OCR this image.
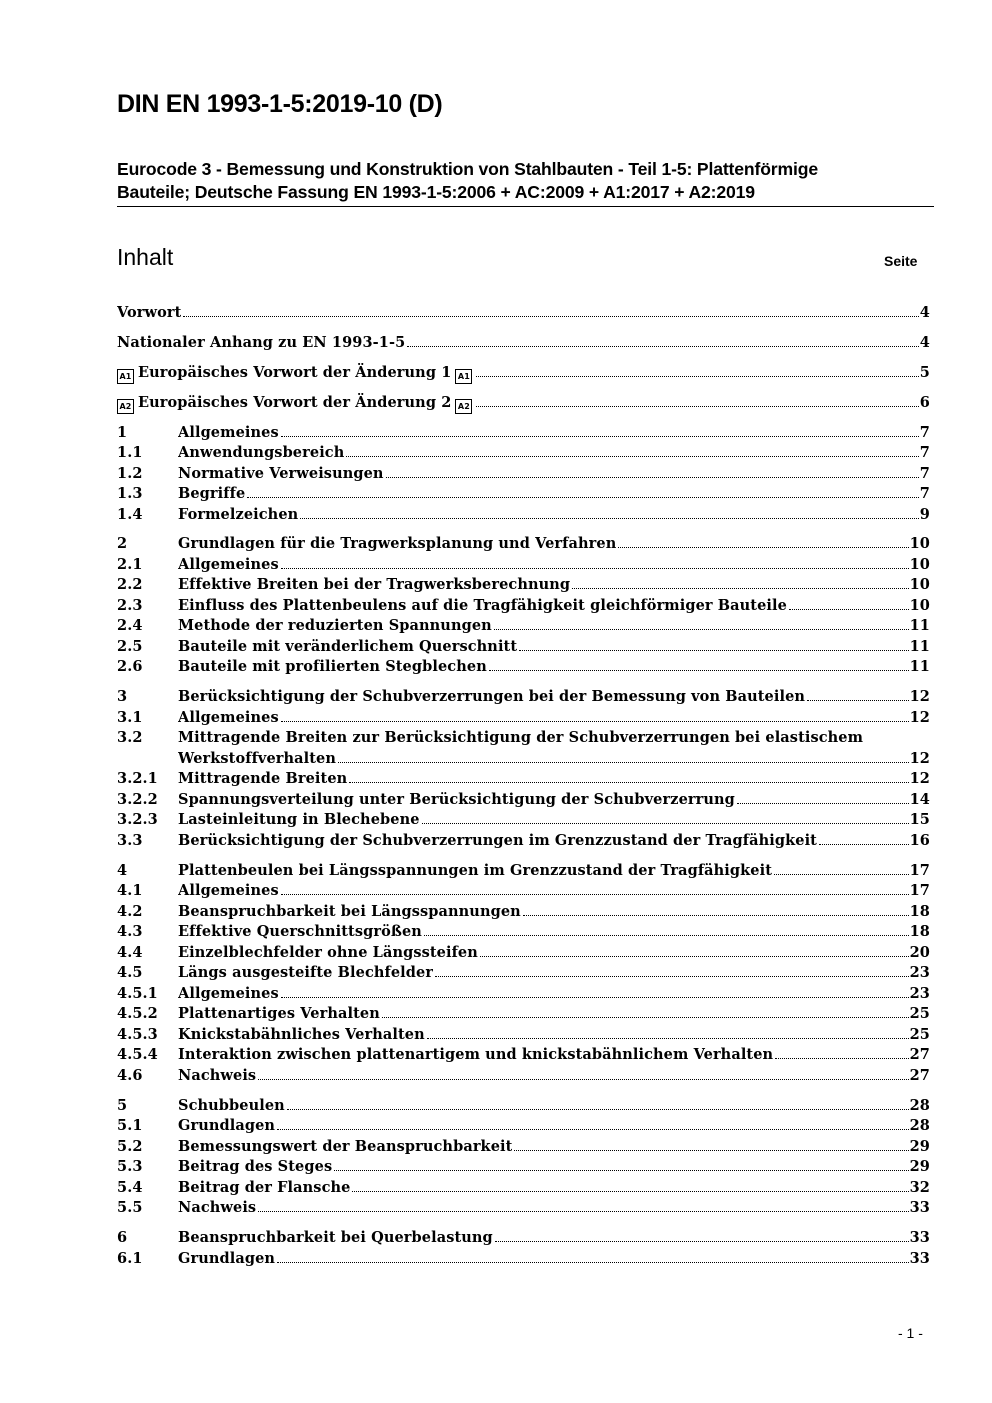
DIN EN 1993-1-5:2019-10 (D)
Eurocode 3 - Bemessung und Konstruktion von Stahlbauten - Teil 1-5: Plattenförmige
Bauteile; Deutsche Fassung EN 1993-1-5:2006 + AC:2009 + A1:2017 + A2:2019
Inhalt	Seite
Vorwort	4
Nationaler Anhang zu EN 1993-1-5	4
A1 Europäisches Vorwort der Änderung 1 A1	5
A2 Europäisches Vorwort der Änderung 2 A2	6
1	Allgemeines	7
1.1	Anwendungsbereich	7
1.2	Normative Verweisungen	7
1.3	Begriffe	7
1.4	Formelzeichen	9
2	Grundlagen für die Tragwerksplanung und Verfahren	10
2.1	Allgemeines	10
2.2	Effektive Breiten bei der Tragwerksberechnung	10
2.3	Einfluss des Plattenbeulens auf die Tragfähigkeit gleichförmiger Bauteile	10
2.4	Methode der reduzierten Spannungen	11
2.5	Bauteile mit veränderlichem Querschnitt	11
2.6	Bauteile mit profilierten Stegblechen	11
3	Berücksichtigung der Schubverzerrungen bei der Bemessung von Bauteilen	12
3.1	Allgemeines	12
3.2	Mittragende Breiten zur Berücksichtigung der Schubverzerrungen bei elastischem
Werkstoffverhalten	12
3.2.1	Mittragende Breiten	12
3.2.2	Spannungsverteilung unter Berücksichtigung der Schubverzerrung	14
3.2.3	Lasteinleitung in Blechebene	15
3.3	Berücksichtigung der Schubverzerrungen im Grenzzustand der Tragfähigkeit	16
4	Plattenbeulen bei Längsspannungen im Grenzzustand der Tragfähigkeit	17
4.1	Allgemeines	17
4.2	Beanspruchbarkeit bei Längsspannungen	18
4.3	Effektive Querschnittsgrößen	18
4.4	Einzelblechfelder ohne Längssteifen	20
4.5	Längs ausgesteifte Blechfelder	23
4.5.1	Allgemeines	23
4.5.2	Plattenartiges Verhalten	25
4.5.3	Knickstabähnliches Verhalten	25
4.5.4	Interaktion zwischen plattenartigem und knickstabähnlichem Verhalten	27
4.6	Nachweis	27
5	Schubbeulen	28
5.1	Grundlagen	28
5.2	Bemessungswert der Beanspruchbarkeit	29
5.3	Beitrag des Steges	29
5.4	Beitrag der Flansche	32
5.5	Nachweis	33
6	Beanspruchbarkeit bei Querbelastung	33
6.1	Grundlagen	33
- 1 -
